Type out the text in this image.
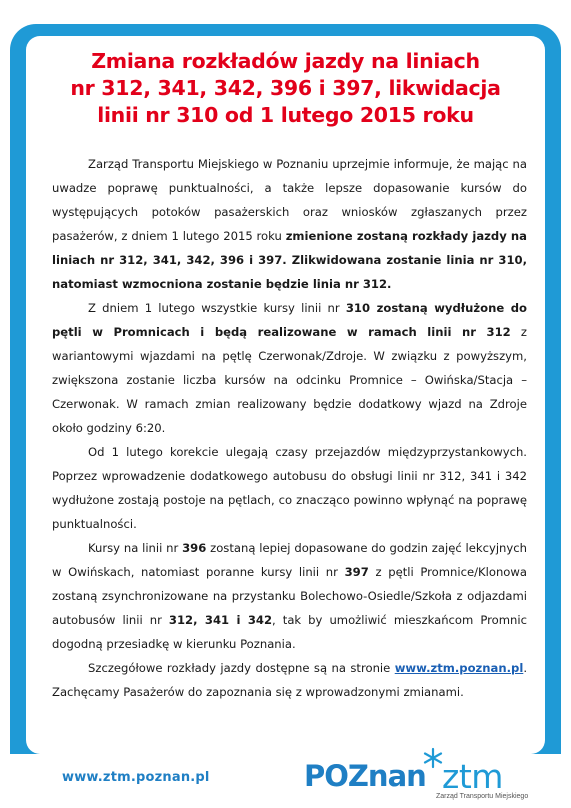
Zmiana rozkładów jazdy na liniach
nr 312, 341, 342, 396 i 397, likwidacja
linii nr 310 od 1 lutego 2015 roku

Zarząd Transportu Miejskiego w Poznaniu uprzejmie informuje, że mając na uwadze poprawę punktualności, a także lepsze dopasowanie kursów do występujących potoków pasażerskich oraz wniosków zgłaszanych przez pasażerów, z dniem 1 lutego 2015 roku zmienione zostaną rozkłady jazdy na liniach nr 312, 341, 342, 396 i 397. Zlikwidowana zostanie linia nr 310, natomiast wzmocniona zostanie będzie linia nr 312.

Z dniem 1 lutego wszystkie kursy linii nr 310 zostaną wydłużone do pętli w Promnicach i będą realizowane w ramach linii nr 312 z wariantowymi wjazdami na pętlę Czerwonak/Zdroje. W związku z powyższym, zwiększona zostanie liczba kursów na odcinku Promnice – Owińska/Stacja – Czerwonak. W ramach zmian realizowany będzie dodatkowy wjazd na Zdroje około godziny 6:20.

Od 1 lutego korekcie ulegają czasy przejazdów międzyprzystankowych. Poprzez wprowadzenie dodatkowego autobusu do obsługi linii nr 312, 341 i 342 wydłużone zostają postoje na pętlach, co znacząco powinno wpłynąć na poprawę punktualności.

Kursy na linii nr 396 zostaną lepiej dopasowane do godzin zajęć lekcyjnych w Owińskach, natomiast poranne kursy linii nr 397 z pętli Promnice/Klonowa zostaną zsynchronizowane na przystanku Bolechowo-Osiedle/Szkoła z odjazdami autobusów linii nr 312, 341 i 342, tak by umożliwić mieszkańcom Promnic dogodną przesiadkę w kierunku Poznania.

Szczegółowe rozkłady jazdy dostępne są na stronie www.ztm.poznan.pl. Zachęcamy Pasażerów do zapoznania się z wprowadzonymi zmianami.

www.ztm.poznan.pl	POZnan ztm
Zarząd Transportu Miejskiego
